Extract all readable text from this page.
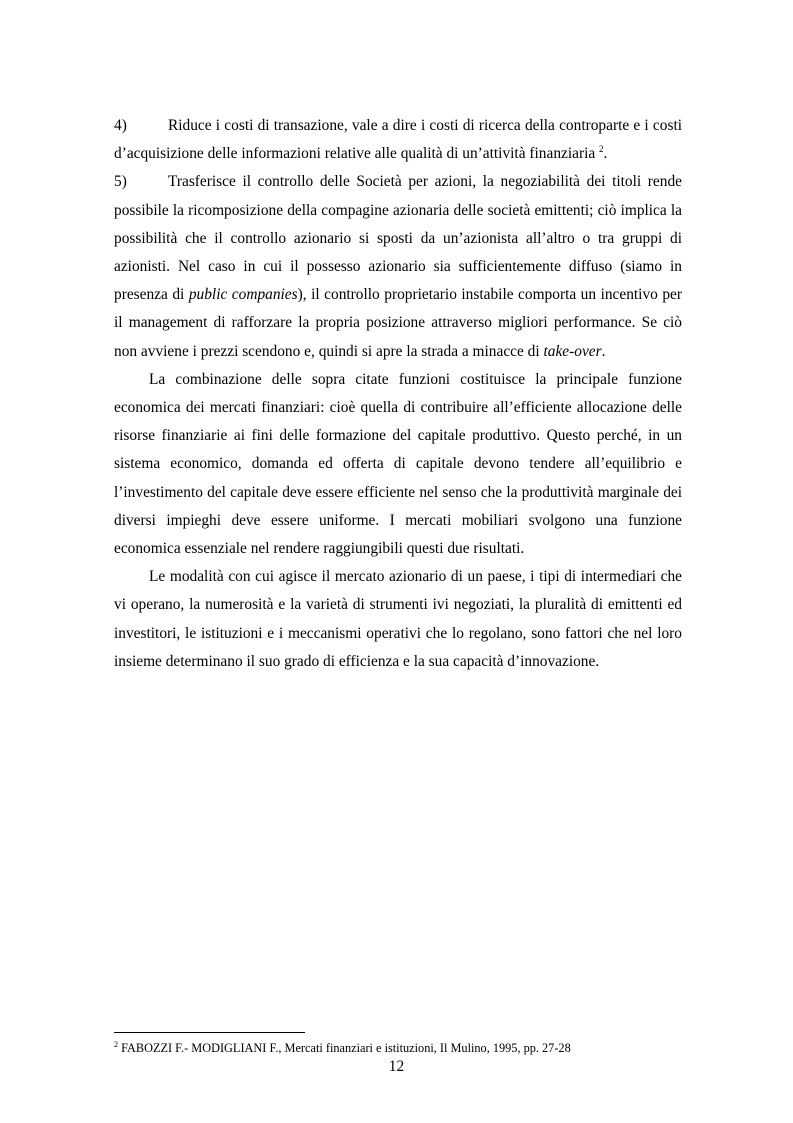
4)	Riduce i costi di transazione, vale a dire i costi di ricerca della controparte e i costi d’acquisizione delle informazioni relative alle qualità di un’attività finanziaria $^2$.

5)	Trasferisce il controllo delle Società per azioni, la negoziabilità dei titoli rende possibile la ricomposizione della compagine azionaria delle società emittenti; ciò implica la possibilità che il controllo azionario si sposti da un’azionista all’altro o tra gruppi di azionisti. Nel caso in cui il possesso azionario sia sufficientemente diffuso (siamo in presenza di public companies), il controllo proprietario instabile comporta un incentivo per il management di rafforzare la propria posizione attraverso migliori performance. Se ciò non avviene i prezzi scendono e, quindi si apre la strada a minacce di take-over.

La combinazione delle sopra citate funzioni costituisce la principale funzione economica dei mercati finanziari: cioè quella di contribuire all’efficiente allocazione delle risorse finanziarie ai fini delle formazione del capitale produttivo. Questo perché, in un sistema economico, domanda ed offerta di capitale devono tendere all’equilibrio e l’investimento del capitale deve essere efficiente nel senso che la produttività marginale dei diversi impieghi deve essere uniforme. I mercati mobiliari svolgono una funzione economica essenziale nel rendere raggiungibili questi due risultati.

Le modalità con cui agisce il mercato azionario di un paese, i tipi di intermediari che vi operano, la numerosità e la varietà di strumenti ivi negoziati, la pluralità di emittenti ed investitori, le istituzioni e i meccanismi operativi che lo regolano, sono fattori che nel loro insieme determinano il suo grado di efficienza e la sua capacità d’innovazione.

$^2$ FABOZZI F.- MODIGLIANI F., Mercati finanziari e istituzioni, Il Mulino, 1995, pp. 27-28
12
